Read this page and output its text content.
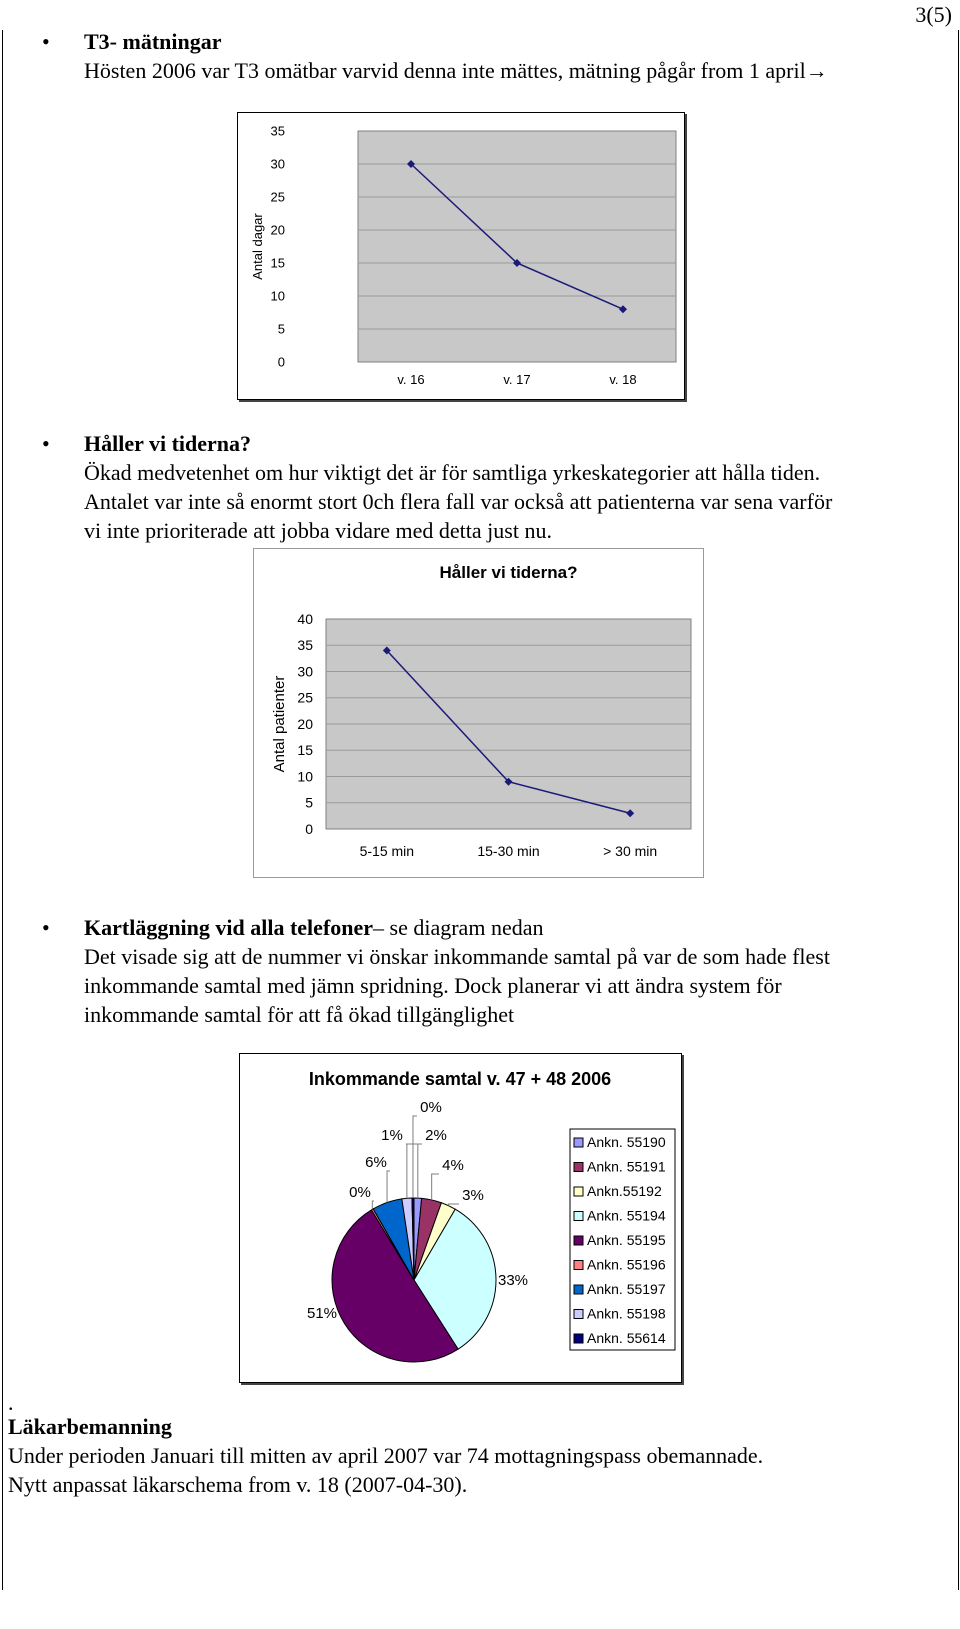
3(5)
• T3- mätningar
Hösten 2006 var T3 omätbar varvid denna inte mättes, mätning pågår from 1 april→
0
5
10
15
20
25
30
35
v. 16	v. 17	v. 18
Antal dagar
• Håller vi tiderna?
Ökad medvetenhet om hur viktigt det är för samtliga yrkeskategorier att hålla tiden.
Antalet var inte så enormt stort 0ch flera fall var också att patienterna var sena varför
vi inte prioriterade att jobba vidare med detta just nu.
Håller vi tiderna?
0
5
10
15
20
25
30
35
40
5-15 min	15-30 min	> 30 min
Antal patienter
• Kartläggning vid alla telefoner– se diagram nedan
Det visade sig att de nummer vi önskar inkommande samtal på var de som hade flest
inkommande samtal med jämn spridning. Dock planerar vi att ändra system för
inkommande samtal för att få ökad tillgänglighet
Inkommande samtal v. 47 + 48 2006
1%
4%
3%
33%
51%
0%
6%
2%
0%
Ankn. 55190
Ankn. 55191
Ankn.55192
Ankn. 55194
Ankn. 55195
Ankn. 55196
Ankn. 55197
Ankn. 55198
Ankn. 55614
.
Läkarbemanning
Under perioden Januari till mitten av april 2007 var 74 mottagningspass obemannade.
Nytt anpassat läkarschema from v. 18 (2007-04-30).
